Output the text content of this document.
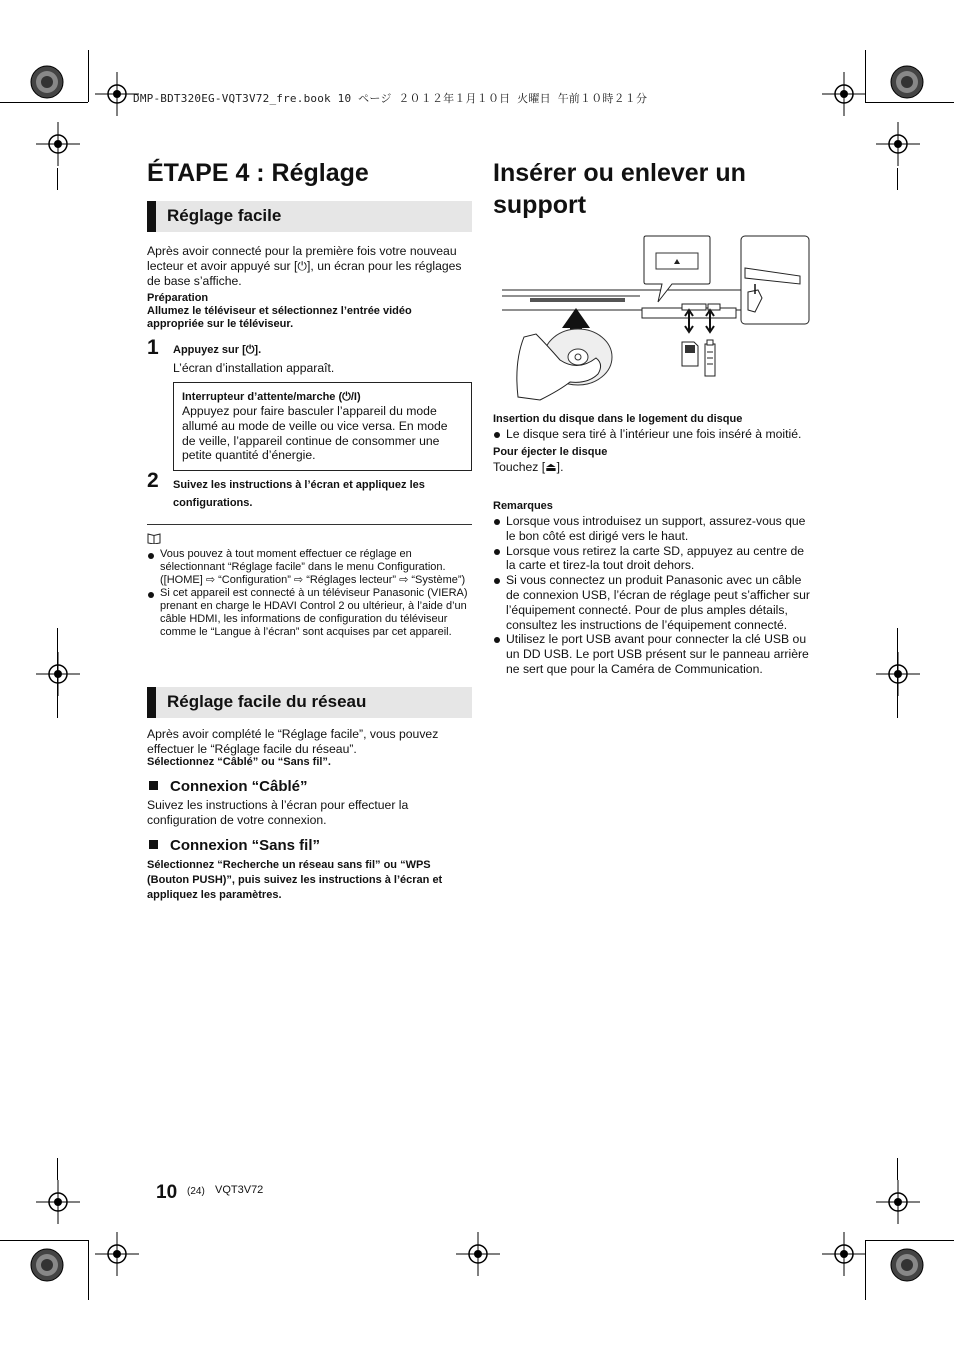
DMP-BDT320EG-VQT3V72_fre.book 10 ページ ２０１２年１月１０日 火曜日 午前１０時２１分
ÉTAPE 4 : Réglage
Réglage facile
Après avoir connecté pour la première fois votre nouveau lecteur et avoir appuyé sur [⏻], un écran pour les réglages de base s’affiche.
Préparation
Allumez le téléviseur et sélectionnez l’entrée vidéo appropriée sur le téléviseur.
1 Appuyez sur [⏻].
L’écran d’installation apparaît.
Interrupteur d’attente/marche (⏻/I)
Appuyez pour faire basculer l’appareil du mode allumé au mode de veille ou vice versa. En mode de veille, l’appareil continue de consommer une petite quantité d’énergie.
2 Suivez les instructions à l’écran et appliquez les configurations.
Vous pouvez à tout moment effectuer ce réglage en sélectionnant “Réglage facile” dans le menu Configuration. ([HOME] ⇨ “Configuration” ⇨ “Réglages lecteur” ⇨ “Système”)
Si cet appareil est connecté à un téléviseur Panasonic (VIERA) prenant en charge le HDAVI Control 2 ou ultérieur, à l’aide d’un câble HDMI, les informations de configuration du téléviseur comme le “Langue à l’écran” sont acquises par cet appareil.
Réglage facile du réseau
Après avoir complété le “Réglage facile”, vous pouvez effectuer le “Réglage facile du réseau”.
Sélectionnez “Câblé” ou “Sans fil”.
Connexion “Câblé”
Suivez les instructions à l’écran pour effectuer la configuration de votre connexion.
Connexion “Sans fil”
Sélectionnez “Recherche un réseau sans fil” ou “WPS (Bouton PUSH)”, puis suivez les instructions à l’écran et appliquez les paramètres.
Insérer ou enlever un support
Insertion du disque dans le logement du disque
Le disque sera tiré à l’intérieur une fois inséré à moitié.
Pour éjecter le disque
Touchez [⏏].
Remarques
Lorsque vous introduisez un support, assurez-vous que le bon côté est dirigé vers le haut.
Lorsque vous retirez la carte SD, appuyez au centre de la carte et tirez-la tout droit dehors.
Si vous connectez un produit Panasonic avec un câble de connexion USB, l’écran de réglage peut s’afficher sur l’équipement connecté. Pour de plus amples détails, consultez les instructions de l’équipement connecté.
Utilisez le port USB avant pour connecter la clé USB ou un DD USB. Le port USB présent sur le panneau arrière ne sert que pour la Caméra de Communication.
10 (24) VQT3V72
